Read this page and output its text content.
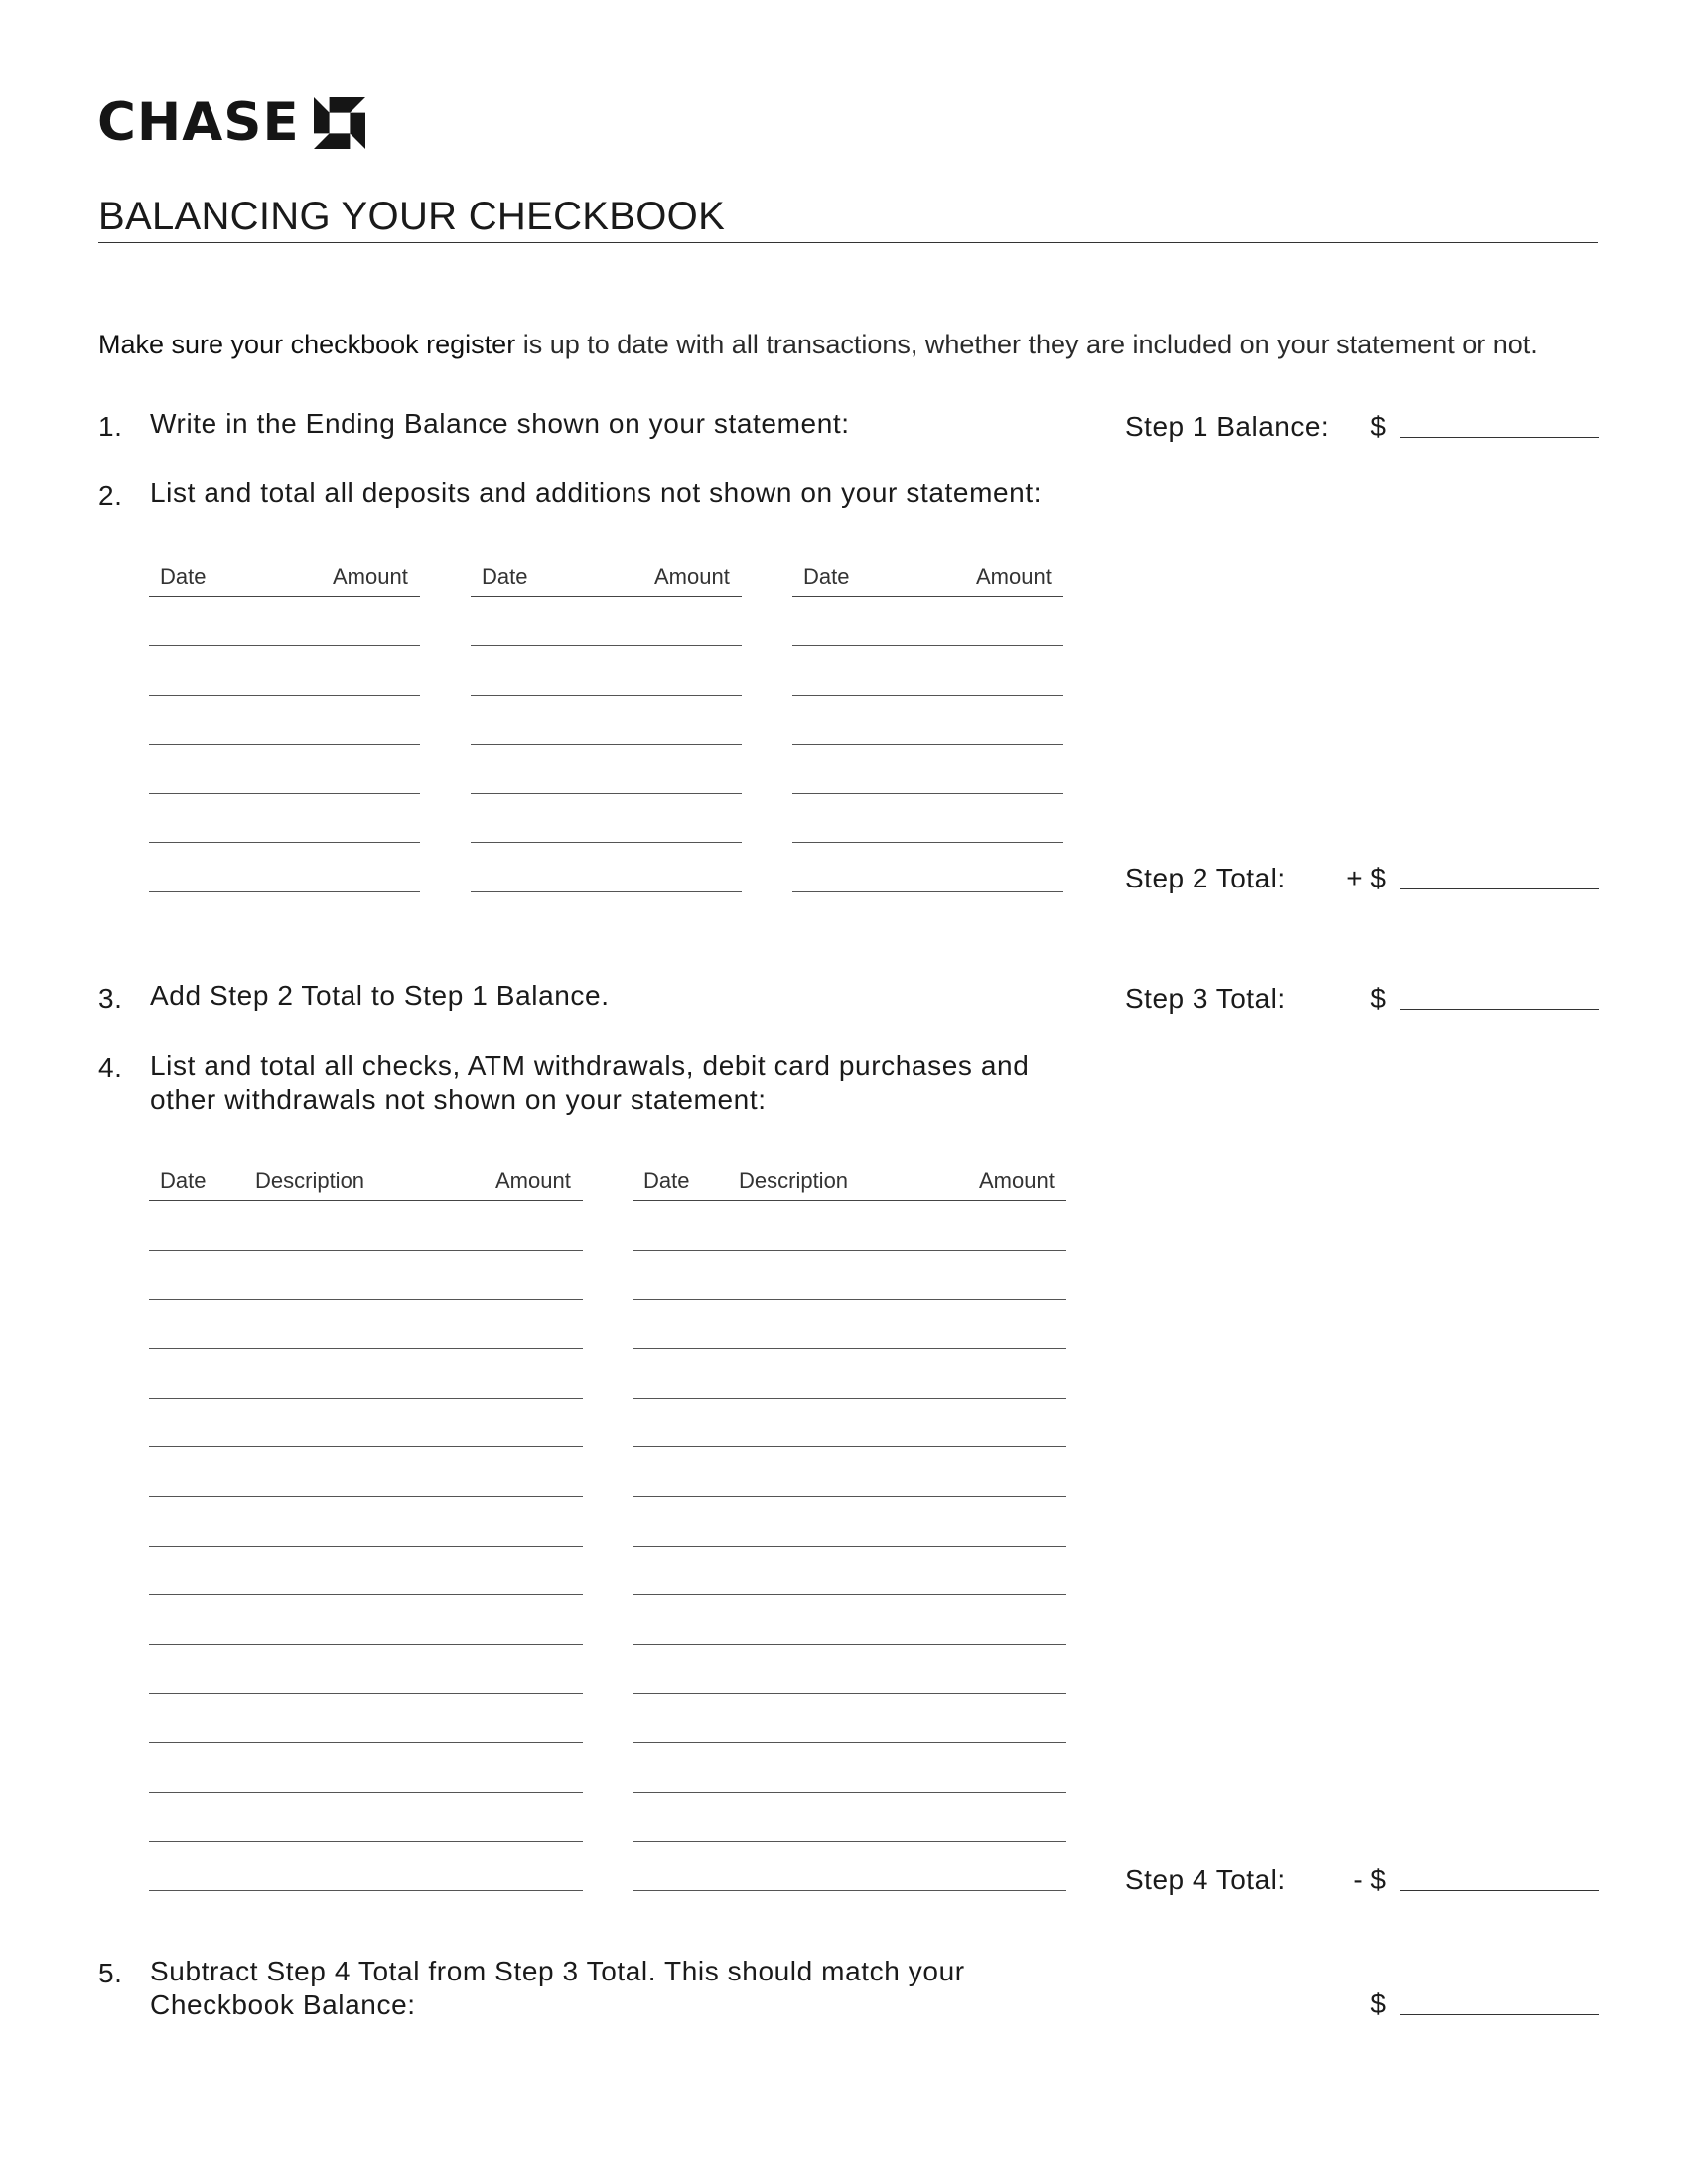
CHASE
BALANCING YOUR CHECKBOOK
Make sure your checkbook register is up to date with all transactions, whether they are included on your statement or not.
1. Write in the Ending Balance shown on your statement:	Step 1 Balance:	$
2. List and total all deposits and additions not shown on your statement:
Date	Amount	Date	Amount	Date	Amount
Step 2 Total:	+ $
3. Add Step 2 Total to Step 1 Balance.	Step 3 Total:	$
4. List and total all checks, ATM withdrawals, debit card purchases and
other withdrawals not shown on your statement:
Date Description	Amount	Date Description	Amount
Step 4 Total:	- $
5. Subtract Step 4 Total from Step 3 Total. This should match your
Checkbook Balance:	$
